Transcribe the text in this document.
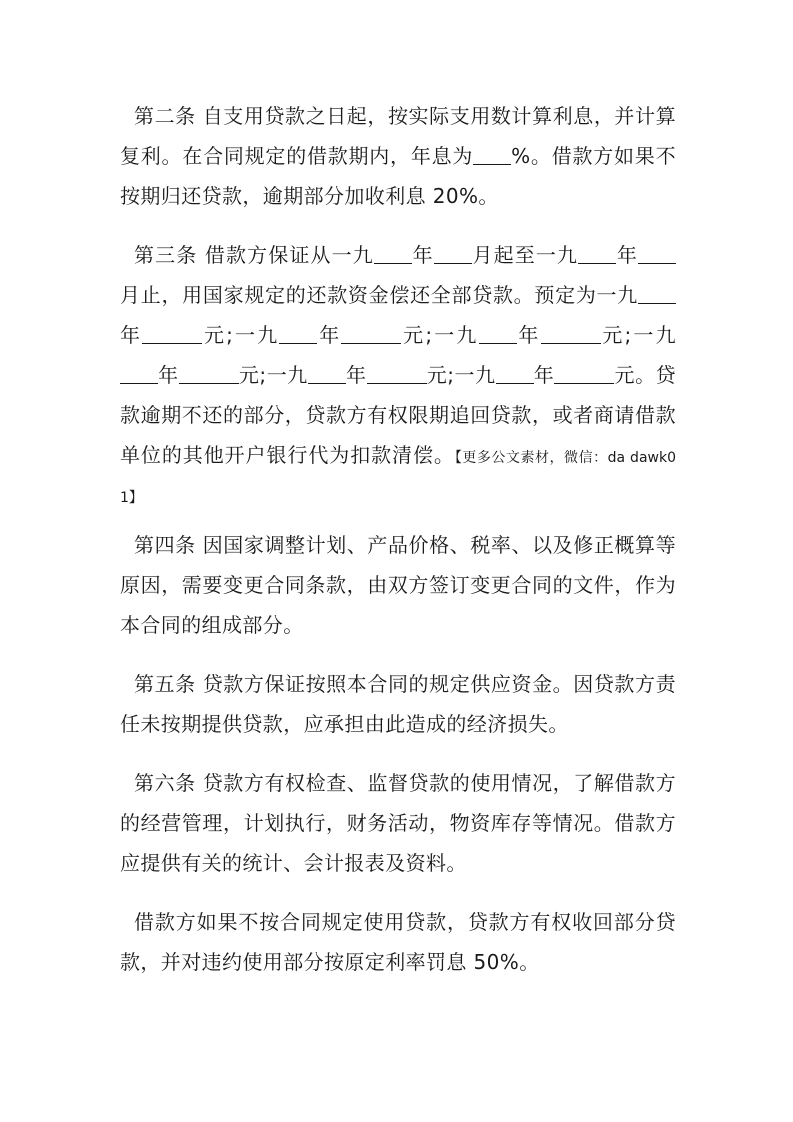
第二条 自支用贷款之日起，按实际支用数计算利息，并计算复利。在合同规定的借款期内，年息为 %。借款方如果不按期归还贷款，逾期部分加收利息 20%。

第三条 借款方保证从一九 年 月起至一九 年月止，用国家规定的还款资金偿还全部贷款。预定为一九年	元;一九 年	元;一九 年	元;一九年	元;一九 年	元;一九 年	元。贷款逾期不还的部分，贷款方有权限期追回贷款，或者商请借款单位的其他开户银行代为扣款清偿。【更多公文素材，微信：da dawk01】

第四条 因国家调整计划、产品价格、税率、以及修正概算等原因，需要变更合同条款，由双方签订变更合同的文件，作为本合同的组成部分。

第五条 贷款方保证按照本合同的规定供应资金。因贷款方责任未按期提供贷款，应承担由此造成的经济损失。

第六条 贷款方有权检查、监督贷款的使用情况，了解借款方的经营管理，计划执行，财务活动，物资库存等情况。借款方应提供有关的统计、会计报表及资料。

借款方如果不按合同规定使用贷款，贷款方有权收回部分贷款，并对违约使用部分按原定利率罚息 50%。
